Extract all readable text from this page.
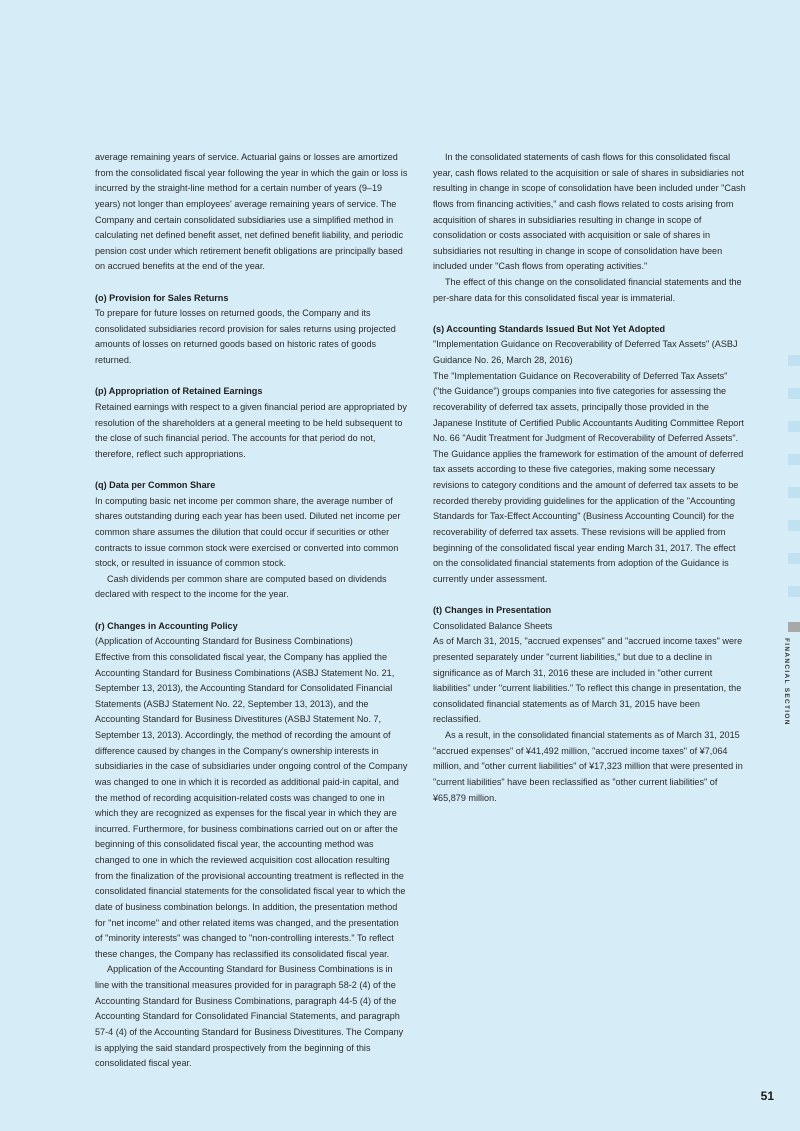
average remaining years of service. Actuarial gains or losses are amortized from the consolidated fiscal year following the year in which the gain or loss is incurred by the straight-line method for a certain number of years (9–19 years) not longer than employees' average remaining years of service. The Company and certain consolidated subsidiaries use a simplified method in calculating net defined benefit asset, net defined benefit liability, and periodic pension cost under which retirement benefit obligations are principally based on accrued benefits at the end of the year.

(o) Provision for Sales Returns

To prepare for future losses on returned goods, the Company and its consolidated subsidiaries record provision for sales returns using projected amounts of losses on returned goods based on historic rates of goods returned.

(p) Appropriation of Retained Earnings

Retained earnings with respect to a given financial period are appropriated by resolution of the shareholders at a general meeting to be held subsequent to the close of such financial period. The accounts for that period do not, therefore, reflect such appropriations.

(q) Data per Common Share

In computing basic net income per common share, the average number of shares outstanding during each year has been used. Diluted net income per common share assumes the dilution that could occur if securities or other contracts to issue common stock were exercised or converted into common stock, or resulted in issuance of common stock.

Cash dividends per common share are computed based on dividends declared with respect to the income for the year.

(r) Changes in Accounting Policy

(Application of Accounting Standard for Business Combinations)

Effective from this consolidated fiscal year, the Company has applied the Accounting Standard for Business Combinations (ASBJ Statement No. 21, September 13, 2013), the Accounting Standard for Consolidated Financial Statements (ASBJ Statement No. 22, September 13, 2013), and the Accounting Standard for Business Divestitures (ASBJ Statement No. 7, September 13, 2013). Accordingly, the method of recording the amount of difference caused by changes in the Company's ownership interests in subsidiaries in the case of subsidiaries under ongoing control of the Company was changed to one in which it is recorded as additional paid-in capital, and the method of recording acquisition-related costs was changed to one in which they are recognized as expenses for the fiscal year in which they are incurred. Furthermore, for business combinations carried out on or after the beginning of this consolidated fiscal year, the accounting method was changed to one in which the reviewed acquisition cost allocation resulting from the finalization of the provisional accounting treatment is reflected in the consolidated financial statements for the consolidated fiscal year to which the date of business combination belongs. In addition, the presentation method for "net income" and other related items was changed, and the presentation of "minority interests" was changed to "non-controlling interests." To reflect these changes, the Company has reclassified its consolidated fiscal year.

Application of the Accounting Standard for Business Combinations is in line with the transitional measures provided for in paragraph 58-2 (4) of the Accounting Standard for Business Combinations, paragraph 44-5 (4) of the Accounting Standard for Consolidated Financial Statements, and paragraph 57-4 (4) of the Accounting Standard for Business Divestitures. The Company is applying the said standard prospectively from the beginning of this consolidated fiscal year.

In the consolidated statements of cash flows for this consolidated fiscal year, cash flows related to the acquisition or sale of shares in subsidiaries not resulting in change in scope of consolidation have been included under "Cash flows from financing activities," and cash flows related to costs arising from acquisition of shares in subsidiaries resulting in change in scope of consolidation or costs associated with acquisition or sale of shares in subsidiaries not resulting in change in scope of consolidation have been included under "Cash flows from operating activities."

The effect of this change on the consolidated financial statements and the per-share data for this consolidated fiscal year is immaterial.

(s) Accounting Standards Issued But Not Yet Adopted

"Implementation Guidance on Recoverability of Deferred Tax Assets" (ASBJ Guidance No. 26, March 28, 2016)

The "Implementation Guidance on Recoverability of Deferred Tax Assets" ("the Guidance") groups companies into five categories for assessing the recoverability of deferred tax assets, principally those provided in the Japanese Institute of Certified Public Accountants Auditing Committee Report No. 66 "Audit Treatment for Judgment of Recoverability of Deferred Assets". The Guidance applies the framework for estimation of the amount of deferred tax assets according to these five categories, making some necessary revisions to category conditions and the amount of deferred tax assets to be recorded thereby providing guidelines for the application of the "Accounting Standards for Tax-Effect Accounting" (Business Accounting Council) for the recoverability of deferred tax assets. These revisions will be applied from beginning of the consolidated fiscal year ending March 31, 2017. The effect on the consolidated financial statements from adoption of the Guidance is currently under assessment.

(t) Changes in Presentation

Consolidated Balance Sheets

As of March 31, 2015, "accrued expenses" and "accrued income taxes" were presented separately under "current liabilities," but due to a decline in significance as of March 31, 2016 these are included in "other current liabilities" under "current liabilities." To reflect this change in presentation, the consolidated financial statements as of March 31, 2015 have been reclassified.

As a result, in the consolidated financial statements as of March 31, 2015 "accrued expenses" of ¥41,492 million, "accrued income taxes" of ¥7,064 million, and "other current liabilities" of ¥17,323 million that were presented in "current liabilities" have been reclassified as "other current liabilities" of ¥65,879 million.

FINANCIAL SECTION
51
